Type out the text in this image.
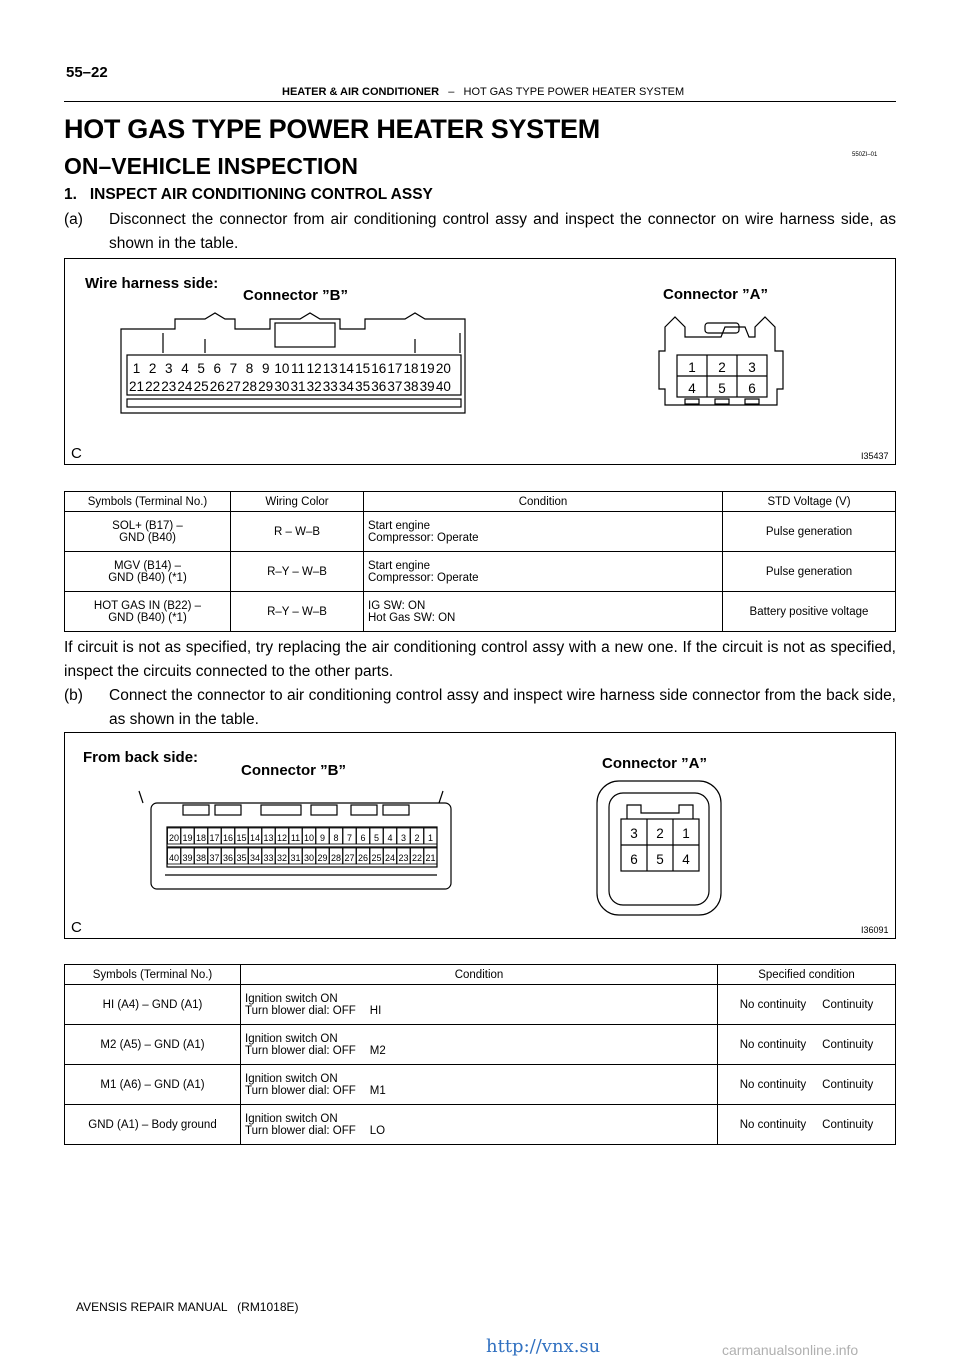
55–22
HEATER & AIR CONDITIONER – HOT GAS TYPE POWER HEATER SYSTEM
HOT GAS TYPE POWER HEATER SYSTEM
550ZI–01
ON–VEHICLE INSPECTION
1.   INSPECT AIR CONDITIONING CONTROL ASSY
(a) Disconnect the connector from air conditioning control assy and inspect the connector on wire harness side, as shown in the table.
Wire harness side:
Connector ”B”	Connector ”A”
C	I35437
1 2 3 4 5 6 7 8 9 10 11 12 13 14 15 16 17 18 19 20
21 22 23 24 25 26 27 28 29 30 31 32 33 34 35 36 37 38 39 40
1 2 3
4 5 6
Symbols (Terminal No.)	Wiring Color	Condition	STD Voltage (V)
SOL+ (B17) –
GND (B40)	R – W–B	Start engine
Compressor: Operate	Pulse generation
MGV (B14) –
GND (B40) (*1)	R–Y – W–B	Start engine
Compressor: Operate	Pulse generation
HOT GAS IN (B22) –
GND (B40) (*1)	R–Y – W–B	IG SW: ON
Hot Gas SW: ON	Battery positive voltage
If circuit is not as specified, try replacing the air conditioning control assy with a new one. If the circuit is not as specified, inspect the circuits connected to the other parts.
(b) Connect the connector to air conditioning control assy and inspect wire harness side connector from the back side, as shown in the table.
From back side:
Connector ”B”	Connector ”A”
C	I36091
20 19 18 17 16 15 14 13 12 11 10 9 8 7 6 5 4 3 2 1
40 39 38 37 36 35 34 33 32 31 30 29 28 27 26 25 24 23 22 21
3 2 1
6 5 4
Symbols (Terminal No.)	Condition	Specified condition
HI (A4) – GND (A1)	Ignition switch ON
Turn blower dial: OFF HI	No continuity Continuity
M2 (A5) – GND (A1)	Ignition switch ON
Turn blower dial: OFF M2	No continuity Continuity
M1 (A6) – GND (A1)	Ignition switch ON
Turn blower dial: OFF M1	No continuity Continuity
GND (A1) – Body ground	Ignition switch ON
Turn blower dial: OFF LO	No continuity Continuity
AVENSIS REPAIR MANUAL   (RM1018E)
http://vnx.su	carmanualsonline.info
